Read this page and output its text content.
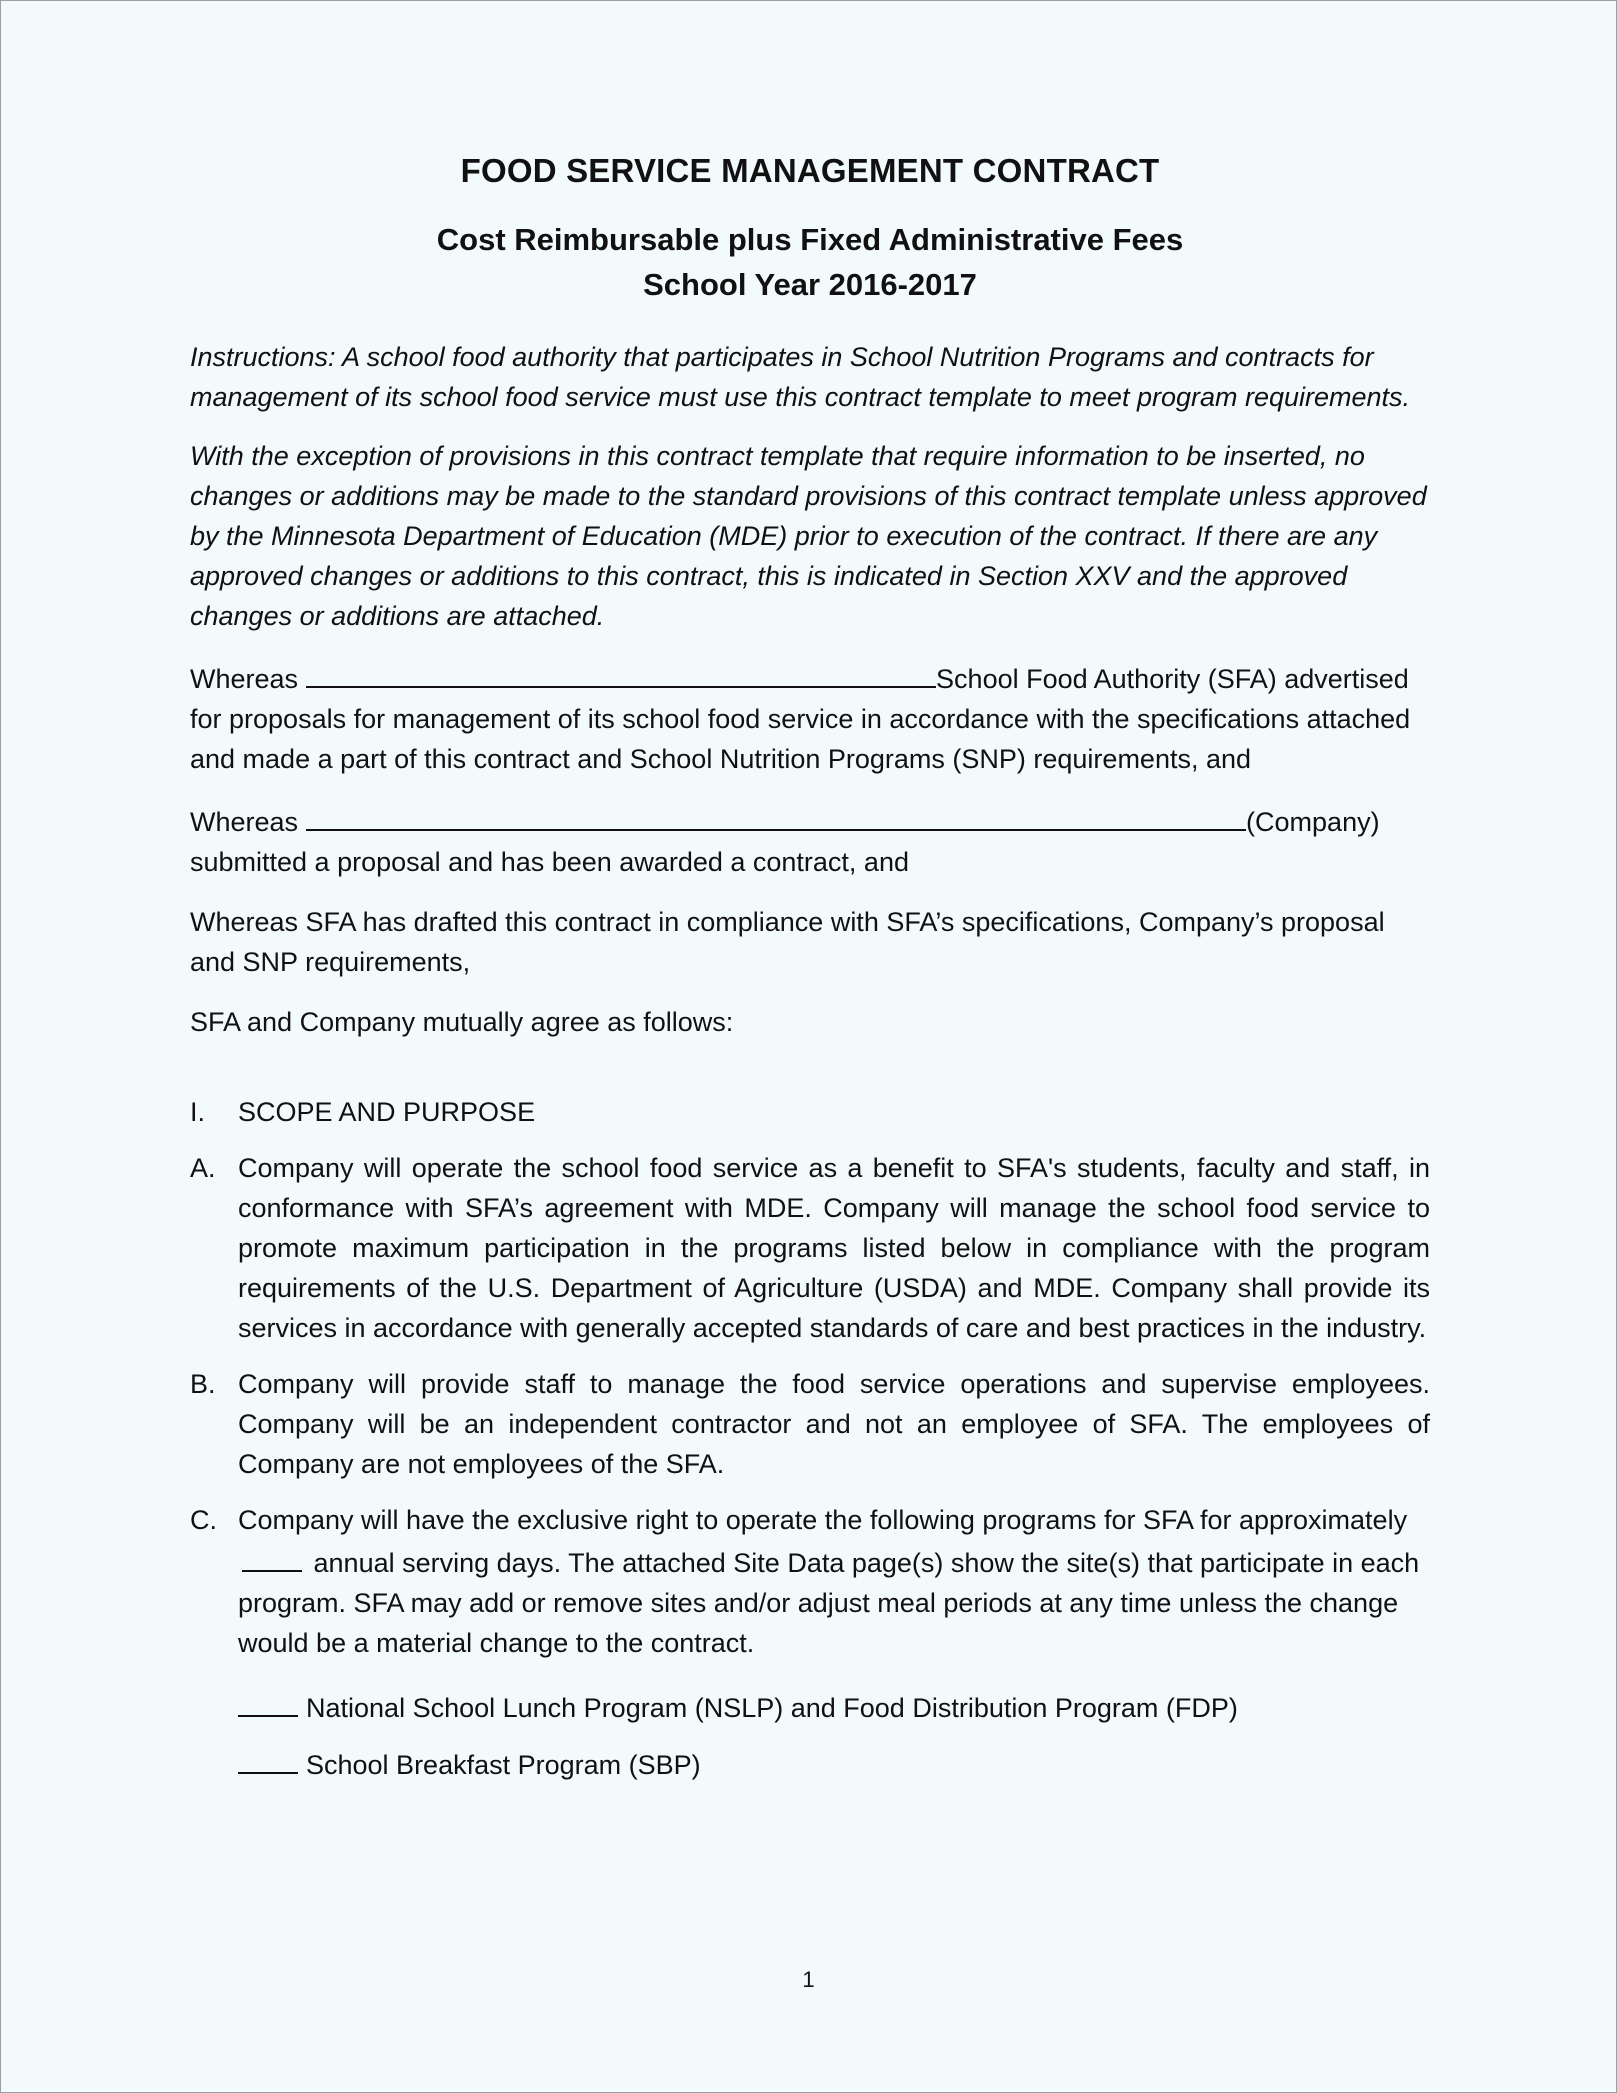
FOOD SERVICE MANAGEMENT CONTRACT
Cost Reimbursable plus Fixed Administrative Fees
School Year 2016-2017

Instructions: A school food authority that participates in School Nutrition Programs and contracts for management of its school food service must use this contract template to meet program requirements.

With the exception of provisions in this contract template that require information to be inserted, no changes or additions may be made to the standard provisions of this contract template unless approved by the Minnesota Department of Education (MDE) prior to execution of the contract. If there are any approved changes or additions to this contract, this is indicated in Section XXV and the approved changes or additions are attached.

Whereas	School Food Authority (SFA) advertised for proposals for management of its school food service in accordance with the specifications attached and made a part of this contract and School Nutrition Programs (SNP) requirements, and

Whereas	(Company) submitted a proposal and has been awarded a contract, and

Whereas SFA has drafted this contract in compliance with SFA’s specifications, Company’s proposal and SNP requirements,

SFA and Company mutually agree as follows:

I.	SCOPE AND PURPOSE
A. Company will operate the school food service as a benefit to SFA's students, faculty and staff, in conformance with SFA’s agreement with MDE. Company will manage the school food service to promote maximum participation in the programs listed below in compliance with the program requirements of the U.S. Department of Agriculture (USDA) and MDE. Company shall provide its services in accordance with generally accepted standards of care and best practices in the industry.
B. Company will provide staff to manage the food service operations and supervise employees. Company will be an independent contractor and not an employee of SFA. The employees of Company are not employees of the SFA.
C. Company will have the exclusive right to operate the following programs for SFA for approximately  annual serving days. The attached Site Data page(s) show the site(s) that participate in each program. SFA may add or remove sites and/or adjust meal periods at any time unless the change would be a material change to the contract.
National School Lunch Program (NSLP) and Food Distribution Program (FDP)
School Breakfast Program (SBP)
1
